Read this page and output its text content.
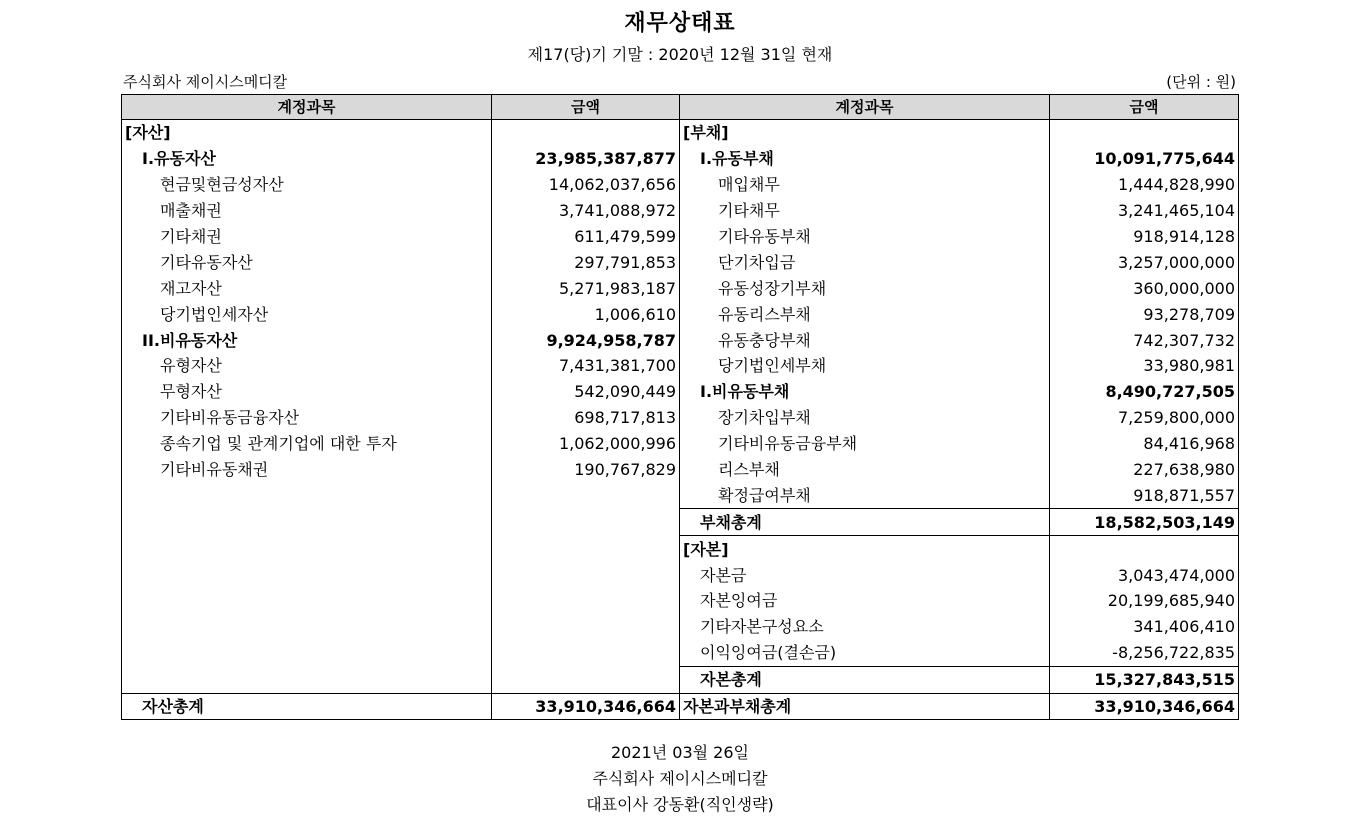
재무상태표
제17(당)기 기말 : 2020년 12월 31일 현재
주식회사 제이시스메디칼	(단위 : 원)
계정과목	금액	계정과목	금액
[자산]		[부채]	
I.유동자산	23,985,387,877	I.유동부채	10,091,775,644
현금및현금성자산	14,062,037,656	매입채무	1,444,828,990
매출채권	3,741,088,972	기타채무	3,241,465,104
기타채권	611,479,599	기타유동부채	918,914,128
기타유동자산	297,791,853	단기차입금	3,257,000,000
재고자산	5,271,983,187	유동성장기부채	360,000,000
당기법인세자산	1,006,610	유동리스부채	93,278,709
II.비유동자산	9,924,958,787	유동충당부채	742,307,732
유형자산	7,431,381,700	당기법인세부채	33,980,981
무형자산	542,090,449	I.비유동부채	8,490,727,505
기타비유동금융자산	698,717,813	장기차입부채	7,259,800,000
종속기업 및 관계기업에 대한 투자	1,062,000,996	기타비유동금융부채	84,416,968
기타비유동채권	190,767,829	리스부채	227,638,980
		확정급여부채	918,871,557
		부채총계	18,582,503,149
		[자본]	
		자본금	3,043,474,000
		자본잉여금	20,199,685,940
		기타자본구성요소	341,406,410
		이익잉여금(결손금)	-8,256,722,835
		자본총계	15,327,843,515
자산총계	33,910,346,664	자본과부채총계	33,910,346,664
2021년 03월 26일
주식회사 제이시스메디칼
대표이사 강동환(직인생략)
